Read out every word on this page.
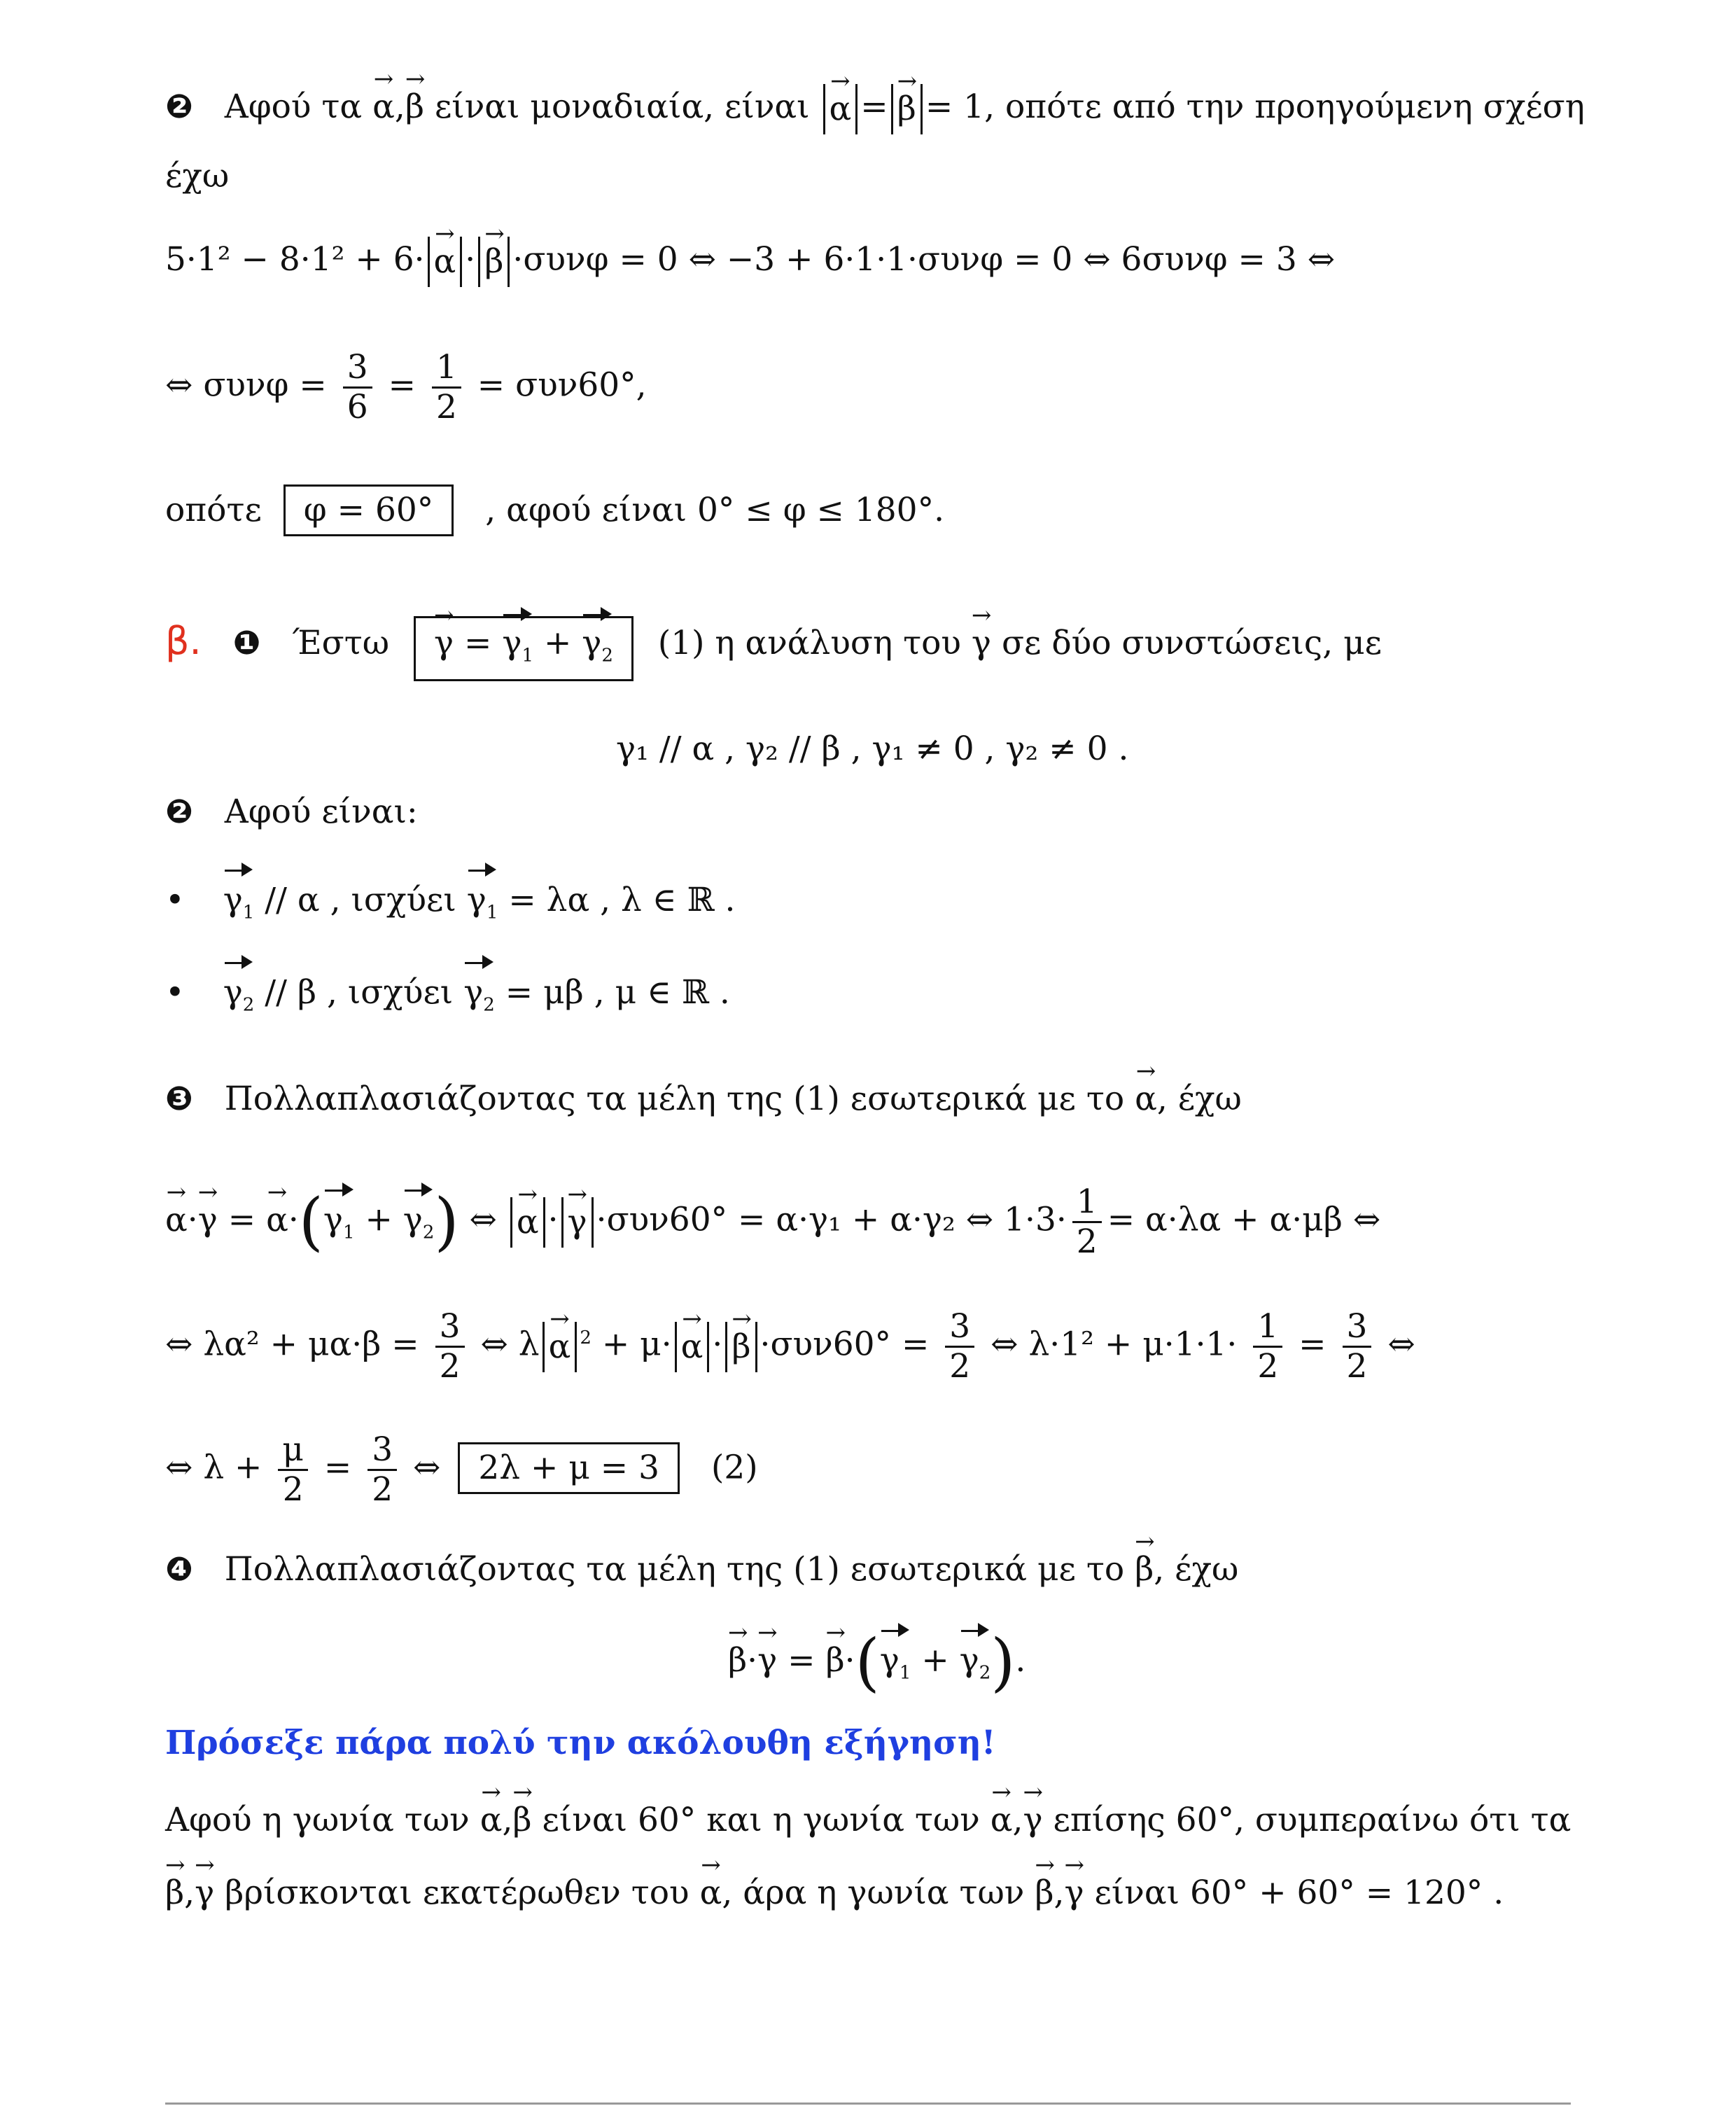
❷ Αφού τα → α,→ β είναι μοναδιαία, είναι → α =→ β = 1, οπότε από την προηγούμενη σχέση
έχω
5·1² − 8·1² + 6·→ α ·→ β ·συνφ = 0 ⇔ −3 + 6·1·1·συνφ = 0 ⇔ 6συνφ = 3 ⇔
⇔ $\sigma\upsilon\nu\varphi = \frac{3}{6} = \frac{1}{2} = \sigma\upsilon\nu 60^\circ$,
οπότε φ = 60° , αφού είναι 0° ≤ φ ≤ 180°.
β. ❶ $Έ\sigma\tau\omega \to \gamma = \gamma_1 + \gamma_2$ (1) η ανάλυση του → γ σε δύο συνστώσεις, με
γ₁ // α , γ₂ // β , γ₁ ≠ 0 , γ₂ ≠ 0 .
❷ Αφού είναι:
• $\gamma_1$ // α , ισχύει $\gamma_1 = \lambda\alpha$ , λ ∈ ℝ .
• $\gamma_2$ // β , ισχύει $\gamma_2 = \mu\beta$ , μ ∈ ℝ .
❸ Πολλαπλασιάζοντας τα μέλη της (1) εσωτερικά με το → α, έχω
→ α·→ γ = → $\alpha\cdot(\gamma_1 + \gamma_2)$ ⇔ → α ·→ γ ·συν60° = α·γ₁ + α·γ₂ ⇔ $1\cdot 3\cdot \frac{1}{2} = \alpha\cdot\lambda\alpha + \alpha\cdot\mu\beta$ ⇔
⇔ $\lambda\alpha^2 + \mu\alpha\cdot\beta = \frac{3}{2}$ ⇔ λ→ α $^2 + \mu\cdot\to \alpha \cdot\to \beta \cdot\sigma\upsilon\nu 60^\circ = \frac{3}{2}$ ⇔ $\lambda\cdot 1^2 + \mu\cdot 1\cdot 1\cdot \frac{1}{2} = \frac{3}{2}$ ⇔
⇔ $\lambda + \frac{\mu}{2} = \frac{3}{2}$ ⇔ 2λ + μ = 3 (2)
❹ Πολλαπλασιάζοντας τα μέλη της (1) εσωτερικά με το → β, έχω
→ β·→ γ = → $\beta\cdot(\gamma_1 + \gamma_2)$.
Πρόσεξε πάρα πολύ την ακόλουθη εξήγηση!
Αφού η γωνία των → α,→ β είναι 60° και η γωνία των → α,→ γ επίσης 60°, συμπεραίνω ότι τα
→ β,→ γ βρίσκονται εκατέρωθεν του → α, άρα η γωνία των → β,→ γ είναι 60° + 60° = 120° .
